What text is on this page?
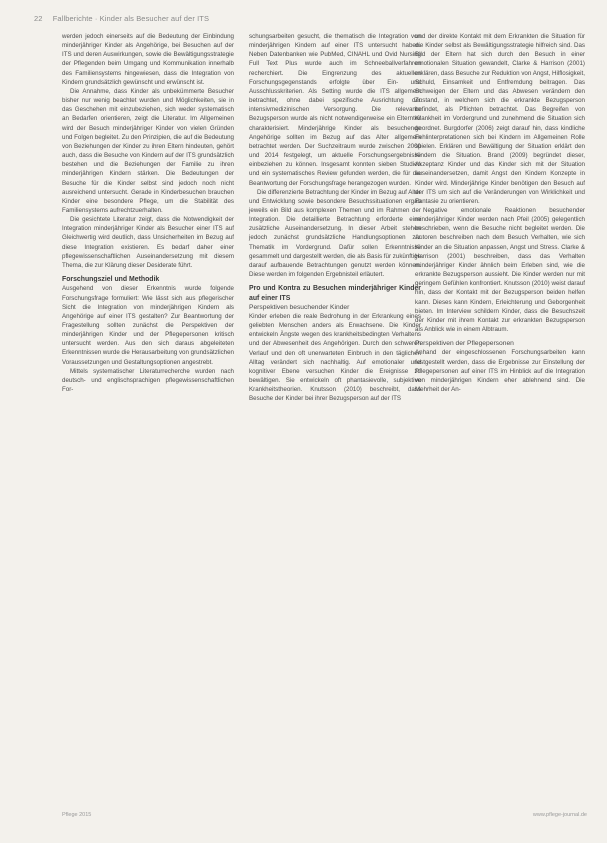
22 Fallberichte · Kinder als Besucher auf der ITS

werden jedoch einerseits auf die Bedeutung der Einbindung minderjähriger Kinder als Angehörige, bei Besuchen auf der ITS und deren Auswirkungen, sowie die Bewältigungsstrategie der Pflegenden beim Umgang und Kommunikation innerhalb des Familiensystems hingewiesen, dass die Integration von Kindern grundsätzlich gewünscht und erwünscht ist.

Die Annahme, dass Kinder als unbekümmerte Besucher bisher nur wenig beachtet wurden und Möglichkeiten, sie in das Geschehen mit einzubeziehen, sich weder systematisch an Bedarfen orientieren, zeigt die Literatur. Im Allgemeinen wird der Besuch minderjähriger Kinder von vielen Gründen und Folgen begleitet. Zu den Prinzipien, die auf die Bedeutung von Beziehungen der Kinder zu ihren Eltern hindeuten, gehört auch, dass die Besuche von Kindern auf der ITS grundsätzlich bestehen und die Beziehungen der Familie zu ihren minderjährigen Kindern stärken. Die Bedeutungen der Besuche für die Kinder selbst sind jedoch noch nicht ausreichend untersucht. Gerade in Kinderbesuchen brauchen Kinder eine besondere Pflege, um die Stabilität des Familiensystems aufrechtzuerhalten.

Die gesichtete Literatur zeigt, dass die Notwendigkeit der Integration minderjähriger Kinder als Besucher einer ITS auf Gleichwertig wird deutlich, dass Unsicherheiten im Bezug auf diese Integration existieren. Es bedarf daher einer pflegewissenschaftlichen Auseinandersetzung mit diesem Thema, die zur Klärung dieser Desiderate führt.

Forschungsziel und Methodik

Ausgehend von dieser Erkenntnis wurde folgende Forschungsfrage formuliert: Wie lässt sich aus pflegerischer Sicht die Integration von minderjährigen Kindern als Angehörige auf einer ITS gestalten? Zur Beantwortung der Fragestellung sollten zunächst die Perspektiven der minderjährigen Kinder und der Pflegepersonen kritisch untersucht werden. Aus den sich daraus abgeleiteten Erkenntnissen wurde die Herausarbeitung von grundsätzlichen Voraussetzungen und Gestaltungsoptionen angestrebt.

Mittels systematischer Literaturrecherche wurden nach deutsch- und englischsprachigen pflegewissenschaftlichen For-

schungsarbeiten gesucht, die thematisch die Integration von minderjährigen Kindern auf einer ITS untersucht haben. Neben Datenbanken wie PubMed, CINAHL und Ovid Nursing Full Text Plus wurde auch im Schneeballverfahren recherchiert. Die Eingrenzung des aktuellen Forschungsgegenstands erfolgte über Ein- und Ausschlusskriterien. Als Setting wurde die ITS allgemein betrachtet, ohne dabei spezifische Ausrichtung der intensivmedizinischen Versorgung. Die relevante Bezugsperson wurde als nicht notwendigerweise ein Elternteil charakterisiert. Minderjährige Kinder als besuchende Angehörige sollten im Bezug auf das Alter allgemein betrachtet werden. Der Suchzeitraum wurde zwischen 2000 und 2014 festgelegt, um aktuelle Forschungsergebnisse einbeziehen zu können. Insgesamt konnten sieben Studien und ein systematisches Review gefunden werden, die für die Beantwortung der Forschungsfrage herangezogen wurden.

Die differenzierte Betrachtung der Kinder im Bezug auf Alter und Entwicklung sowie besondere Besuchssituationen ergab jeweils ein Bild aus komplexen Themen und im Rahmen der Integration. Die detaillierte Betrachtung erforderte eine zusätzliche Auseinandersetzung. In dieser Arbeit stehen jedoch zunächst grundsätzliche Handlungsoptionen zur Thematik im Vordergrund. Dafür sollen Erkenntnisse gesammelt und dargestellt werden, die als Basis für zukünftige darauf aufbauende Betrachtungen genutzt werden können. Diese werden im folgenden Ergebnisteil erläutert.

Pro und Kontra zu Besuchen minderjähriger Kinder auf einer ITS
Perspektiven besuchender Kinder

Kinder erleben die reale Bedrohung in der Erkrankung eines geliebten Menschen anders als Erwachsene. Die Kinder entwickeln Ängste wegen des krankheitsbedingten Verhaltens und der Abwesenheit des Angehörigen. Durch den schweren Verlauf und den oft unerwarteten Einbruch in den täglichen Alltag verändert sich nachhaltig. Auf emotionaler und kognitiver Ebene versuchen Kinder die Ereignisse zu bewältigen. Sie entwickeln oft phantasievolle, subjektive Krankheitstheorien. Knutsson (2010) beschreibt, dass Besuche der Kinder bei ihrer Bezugsperson auf der ITS

und der direkte Kontakt mit dem Erkrankten die Situation für die Kinder selbst als Bewältigungsstrategie hilfreich sind. Das Bild der Eltern hat sich durch den Besuch in einer emotionalen Situation gewandelt, Clarke & Harrison (2001) erklären, dass Besuche zur Reduktion von Angst, Hilflosigkeit, Schuld, Einsamkeit und Entfremdung beitragen. Das Schweigen der Eltern und das Abwesen verändern den Zustand, in welchem sich die erkrankte Bezugsperson befindet, als Pflichten betrachtet. Das Begreifen von Krankheit im Vordergrund und zunehmend die Situation sich geordnet. Burgdorfer (2006) zeigt darauf hin, dass kindliche Fehlinterpretationen sich bei Kindern im Allgemeinen Rolle spielen. Erklären und Bewältigung der Situation erklärt den Kindern die Situation. Brand (2009) begründet dieser, Akzeptanz Kinder und das Kinder sich mit der Situation auseinandersetzen, damit Angst den Kindern Konzepte in Kinder wird. Minderjährige Kinder benötigen den Besuch auf der ITS um sich auf die Veränderungen von Wirklichkeit und Fantasie zu orientieren.

Negative emotionale Reaktionen besuchender minderjähriger Kinder werden nach Pfeil (2005) gelegentlich beschrieben, wenn die Besuche nicht begleitet werden. Die Autoren beschreiben nach dem Besuch Verhalten, wie sich Kinder an die Situation anpassen, Angst und Stress. Clarke & Harrison (2001) beschreiben, dass das Verhalten minderjähriger Kinder ähnlich beim Erleben sind, wie die erkrankte Bezugsperson aussieht. Die Kinder werden nur mit geringem Gefühlen konfrontiert. Knutsson (2010) weist darauf hin, dass der Kontakt mit der Bezugsperson beiden helfen kann. Dieses kann Kindern, Erleichterung und Geborgenheit bieten. Im Interview schildern Kinder, dass die Besuchszeit der Kinder mit ihrem Kontakt zur erkrankten Bezugsperson als Anblick wie in einem Albtraum.

Perspektiven der Pflegepersonen

Anhand der eingeschlossenen Forschungsarbeiten kann festgestellt werden, dass die Ergebnisse zur Einstellung der Pflegepersonen auf einer ITS im Hinblick auf die Integration von minderjährigen Kindern eher ablehnend sind. Die Mehrheit der An-

Pflege 2015	www.pflege-journal.de
